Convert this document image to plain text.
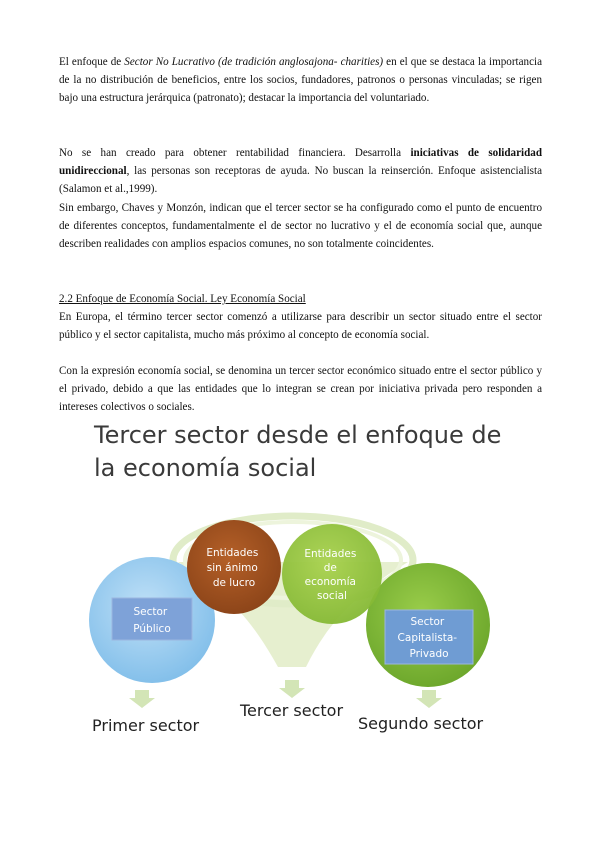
El enfoque de Sector No Lucrativo (de tradición anglosajona- charities) en el que se destaca la importancia de la no distribución de beneficios, entre los socios, fundadores, patronos o personas vinculadas; se rigen bajo una estructura jerárquica (patronato); destacar la importancia del voluntariado.

No se han creado para obtener rentabilidad financiera. Desarrolla iniciativas de solidaridad unidireccional, las personas son receptoras de ayuda. No buscan la reinserción. Enfoque asistencialista (Salamon et al.,1999).

Sin embargo, Chaves y Monzón, indican que el tercer sector se ha configurado como el punto de encuentro de diferentes conceptos, fundamentalmente el de sector no lucrativo y el de economía social que, aunque describen realidades con amplios espacios comunes, no son totalmente coincidentes.

2.2 Enfoque de Economía Social. Ley Economía Social
En Europa, el término tercer sector comenzó a utilizarse para describir un sector situado entre el sector público y el sector capitalista, mucho más próximo al concepto de economía social.

Con la expresión economía social, se denomina un tercer sector económico situado entre el sector público y el privado, debido a que las entidades que lo integran se crean por iniciativa privada pero responden a intereses colectivos o sociales.

Tercer sector desde el enfoque de
la economía social

Sector Público
Sector Capitalista- Privado
Entidades sin ánimo de lucro
Entidades de economía social

Primer sector

Tercer sector

Segundo sector
